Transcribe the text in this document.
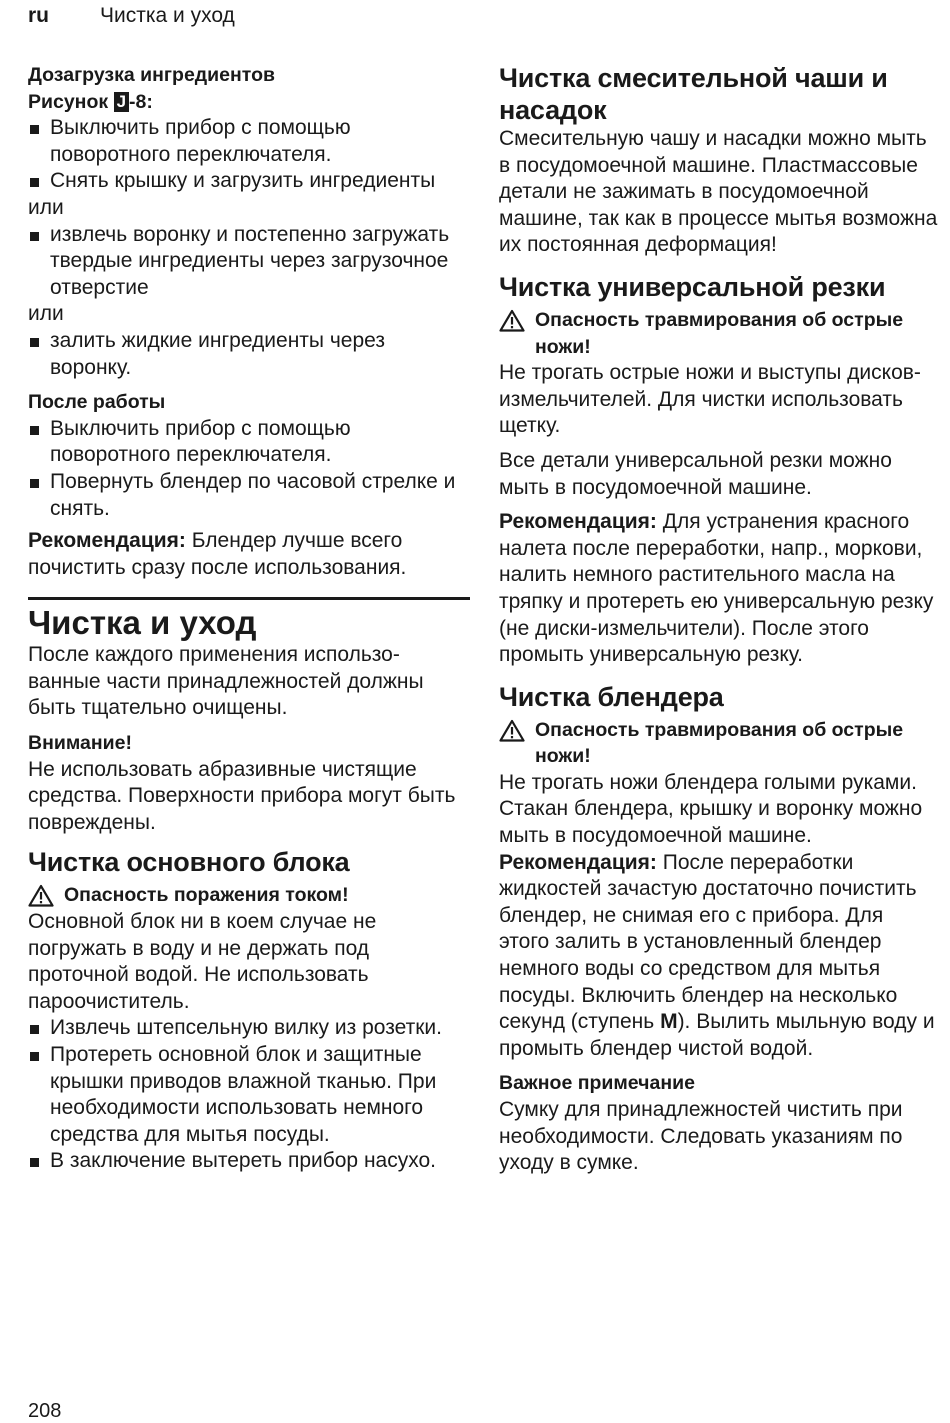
ru Чистка и уход
Дозагрузка ингредиентов
Рисунок J -8:
Выключить прибор с помощью поворотного переключателя.
Снять крышку и загрузить ингредиенты

или

извлечь воронку и постепенно загружать твердые ингредиенты через загрузочное отверстие

или

залить жидкие ингредиенты через воронку.
После работы
Выключить прибор с помощью поворотного переключателя.
Повернуть блендер по часовой стрелке и снять.

Рекомендация: Блендер лучше всего почистить сразу после использования.

Чистка и уход

После каждого применения использо-ванные части принадлежностей должны быть тщательно очищены.

Внимание!

Не использовать абразивные чистящие средства. Поверхности прибора могут быть повреждены.

Чистка основного блока
Опасность поражения током!

Основной блок ни в коем случае не погружать в воду и не держать под проточной водой. Не использовать пароочиститель.

Извлечь штепсельную вилку из розетки.
Протереть основной блок и защитные крышки приводов влажной тканью. При необходимости использовать немного средства для мытья посуды.
В заключение вытереть прибор насухо.
Чистка смесительной чаши и насадок

Смесительную чашу и насадки можно мыть в посудомоечной машине. Пластмассовые детали не зажимать в посудомоечной машине, так как в процессе мытья возможна их постоянная деформация!

Чистка универсальной резки
Опасность травмирования об острые ножи!

Не трогать острые ножи и выступы дисков-измельчителей. Для чистки использовать щетку.

Все детали универсальной резки можно мыть в посудомоечной машине.

Рекомендация: Для устранения красного налета после переработки, напр., моркови, налить немного растительного масла на тряпку и протереть ею универсальную резку (не диски-измельчители). После этого промыть универсальную резку.

Чистка блендера
Опасность травмирования об острые ножи!

Не трогать ножи блендера голыми руками.

Стакан блендера, крышку и воронку можно мыть в посудомоечной машине.

Рекомендация: После переработки жидкостей зачастую достаточно почистить блендер, не снимая его с прибора. Для этого залить в установленный блендер немного воды со средством для мытья посуды. Включить блендер на несколько секунд (ступень M). Вылить мыльную воду и промыть блендер чистой водой.

Важное примечание

Сумку для принадлежностей чистить при необходимости. Следовать указаниям по уходу в сумке.

208
